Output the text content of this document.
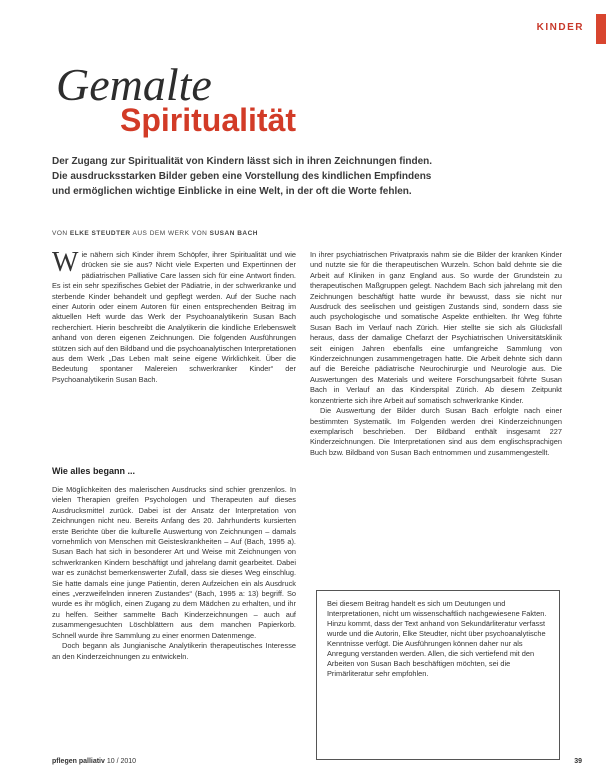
KINDER
Gemalte
Spiritualität

Der Zugang zur Spiritualität von Kindern lässt sich in ihren Zeichnungen finden.

Die ausdrucksstarken Bilder geben eine Vorstellung des kindlichen Empfindens

und ermöglichen wichtige Einblicke in eine Welt, in der oft die Worte fehlen.

VON ELKE STEUDTER AUS DEM WERK VON SUSAN BACH

W ie nähern sich Kinder ihrem Schöpfer, ihrer Spiritualität und wie drücken sie sie aus? Nicht viele Experten und Expertinnen der pädiatrischen Palliative Care lassen sich für eine Antwort finden. Es ist ein sehr spezifisches Gebiet der Pädiatrie, in der schwerkranke und sterbende Kinder behandelt und gepflegt werden. Auf der Suche nach einer Autorin oder einem Autoren für einen entsprechenden Beitrag im aktuellen Heft wurde das Werk der Psychoanalytikerin Susan Bach recherchiert. Hierin beschreibt die Analytikerin die kindliche Erlebenswelt anhand von deren eigenen Zeichnungen. Die folgenden Ausführungen stützen sich auf den Bildband und die psychoanalytischen Interpretationen aus dem Werk „Das Leben malt seine eigene Wirklichkeit. Über die Bedeutung spontaner Malereien schwerkranker Kinder“ der Psychoanalytikerin Susan Bach.

Wie alles begann ...

Die Möglichkeiten des malerischen Ausdrucks sind schier grenzenlos. In vielen Therapien greifen Psychologen und Therapeuten auf dieses Ausdrucksmittel zurück. Dabei ist der Ansatz der Interpretation von Zeichnungen nicht neu. Bereits Anfang des 20. Jahrhunderts kursierten erste Berichte über die kulturelle Auswertung von Zeichnungen – damals vornehmlich von Menschen mit Geisteskrankheiten – Auf (Bach, 1995 a). Susan Bach hat sich in besonderer Art und Weise mit Zeichnungen von schwerkranken Kindern beschäftigt und jahrelang damit gearbeitet. Dabei war es zunächst bemerkenswerter Zufall, dass sie dieses Weg einschlug. Sie hatte damals eine junge Patientin, deren Aufzeichen ein als Ausdruck eines „verzweifelnden inneren Zustandes“ (Bach, 1995 a: 13) begriff. So wurde es ihr möglich, einen Zugang zu dem Mädchen zu erhalten, und ihr zu helfen. Seither sammelte Bach Kinderzeichnungen – auch auf zusammengesuchten Löschblättern aus dem manchen Papierkorb. Schnell wurde ihre Sammlung zu einer enormen Datenmenge.

Doch begann als Jungianische Analytikerin therapeutisches Interesse an den Kinderzeichnungen zu entwickeln.

In ihrer psychiatrischen Privatpraxis nahm sie die Bilder der kranken Kinder und nutzte sie für die therapeutischen Wurzeln. Schon bald dehnte sie die Arbeit auf Kliniken in ganz England aus. So wurde der Grundstein zu therapeutischen Maßgruppen gelegt. Nachdem Bach sich jahrelang mit den Zeichnungen beschäftigt hatte wurde ihr bewusst, dass sie nicht nur Ausdruck des seelischen und geistigen Zustands sind, sondern dass sie auch psychologische und somatische Aspekte enthielten. Ihr Weg führte Susan Bach im Verlauf nach Zürich. Hier stellte sie sich als Glücksfall heraus, dass der damalige Chefarzt der Psychiatrischen Universitätsklinik seit einigen Jahren ebenfalls eine umfangreiche Sammlung von Kinderzeichnungen zusammengetragen hatte. Die Arbeit dehnte sich dann auf die Bereiche pädiatrische Neurochirurgie und Neurologie aus. Die Auswertungen des Materials und weitere Forschungsarbeit führte Susan Bach in Verlauf an das Kinderspital Zürich. Ab diesem Zeitpunkt konzentrierte sich ihre Arbeit auf somatisch schwerkranke Kinder.

Die Auswertung der Bilder durch Susan Bach erfolgte nach einer bestimmten Systematik. Im Folgenden werden drei Kinderzeichnungen exemplarisch beschrieben. Der Bildband enthält insgesamt 227 Kinderzeichnungen. Die Interpretationen sind aus dem englischsprachigen Buch bzw. Bildband von Susan Bach entnommen und zusammengestellt.

Bei diesem Beitrag handelt es sich um Deutungen und Interpretationen, nicht um wissenschaftlich nachgewiesene Fakten. Hinzu kommt, dass der Text anhand von Sekundärliteratur verfasst wurde und die Autorin, Elke Steudter, nicht über psychoanalytische Kenntnisse verfügt. Die Ausführungen können daher nur als Anregung verstanden werden. Allen, die sich vertiefend mit den Arbeiten von Susan Bach beschäftigen möchten, sei die Primärliteratur sehr empfohlen.
pflegen palliativ 10 / 2010	39
